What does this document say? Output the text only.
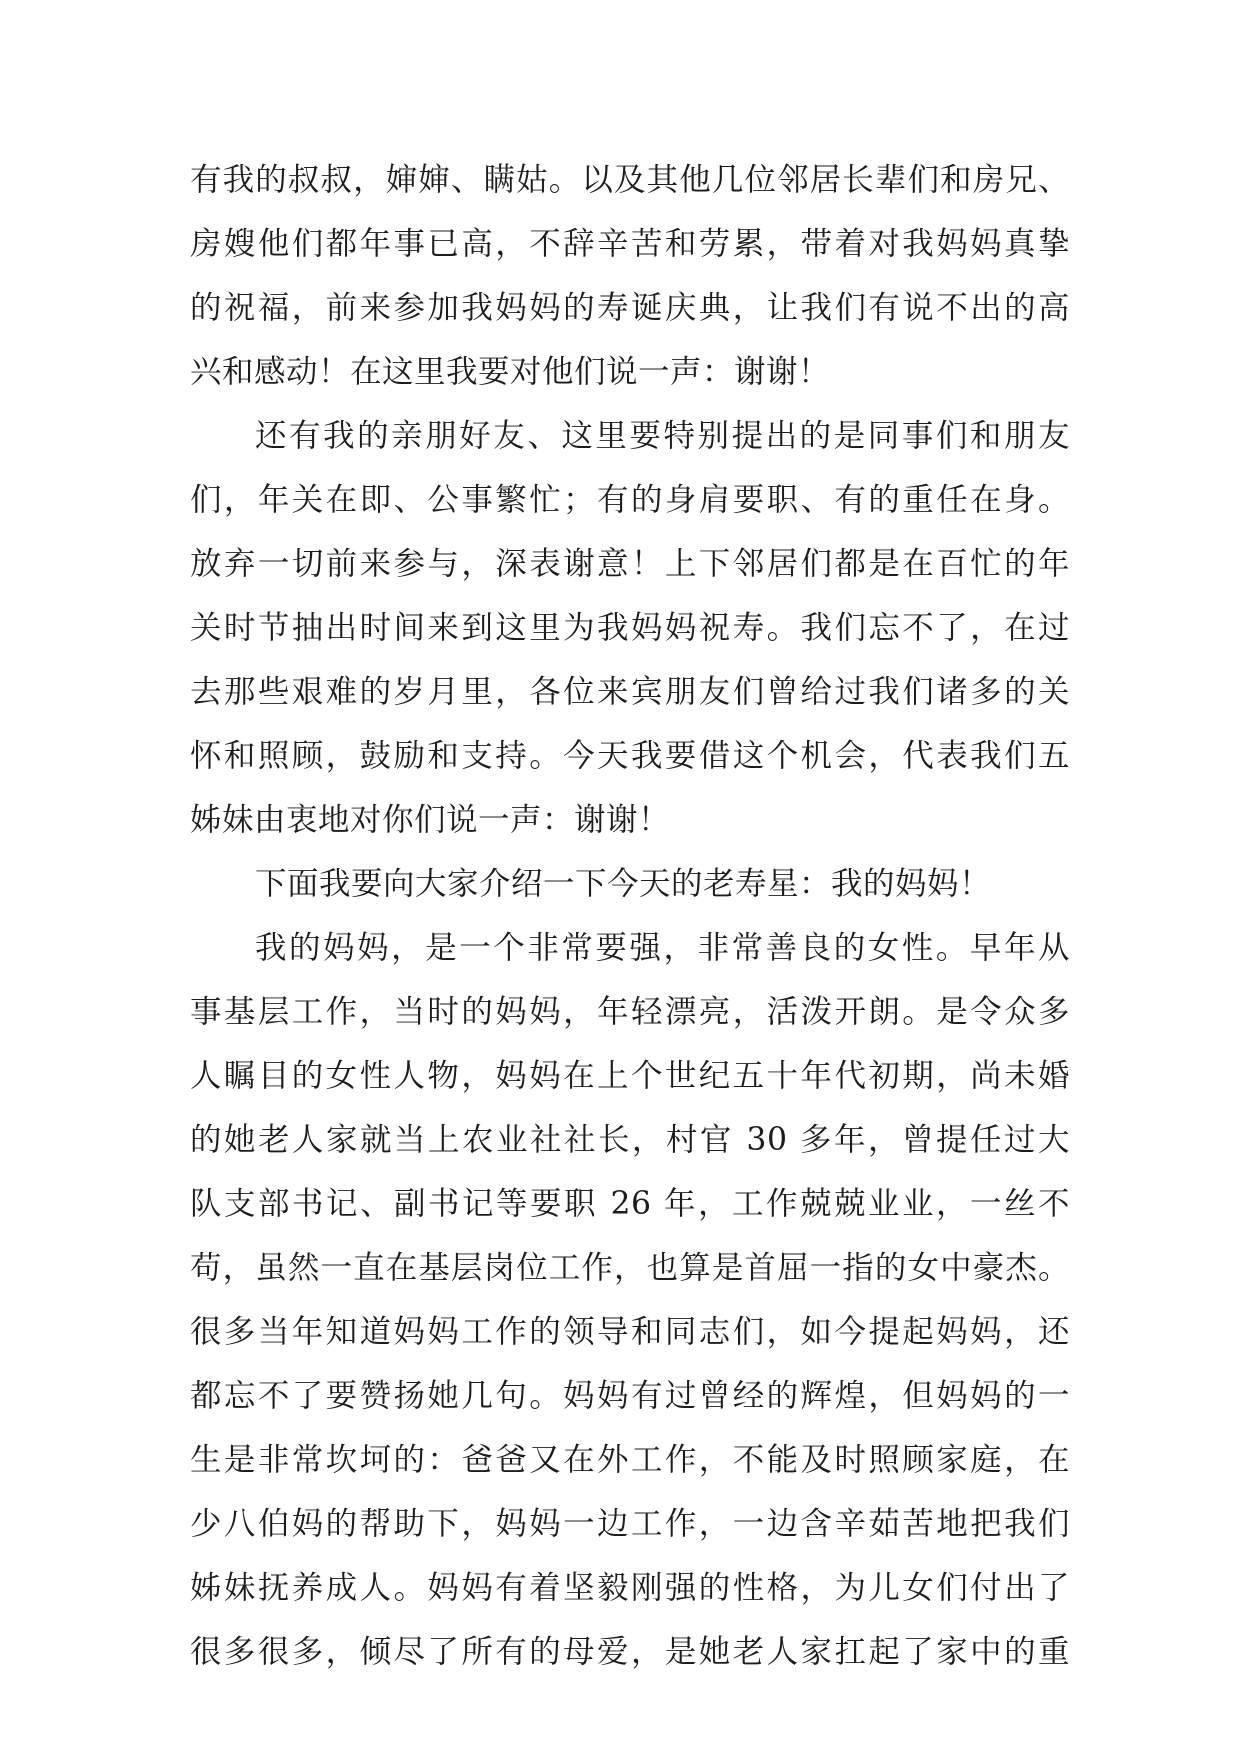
有我的叔叔，婶婶、瞒姑。以及其他几位邻居长辈们和房兄、
房嫂他们都年事已高，不辞辛苦和劳累，带着对我妈妈真挚
的祝福，前来参加我妈妈的寿诞庆典，让我们有说不出的高
兴和感动！在这里我要对他们说一声：谢谢！
还有我的亲朋好友、这里要特别提出的是同事们和朋友
们，年关在即、公事繁忙；有的身肩要职、有的重任在身。
放弃一切前来参与，深表谢意！上下邻居们都是在百忙的年
关时节抽出时间来到这里为我妈妈祝寿。我们忘不了，在过
去那些艰难的岁月里，各位来宾朋友们曾给过我们诸多的关
怀和照顾，鼓励和支持。今天我要借这个机会，代表我们五
姊妹由衷地对你们说一声：谢谢！
下面我要向大家介绍一下今天的老寿星：我的妈妈！
我的妈妈，是一个非常要强，非常善良的女性。早年从
事基层工作，当时的妈妈，年轻漂亮，活泼开朗。是令众多
人瞩目的女性人物，妈妈在上个世纪五十年代初期，尚未婚
的她老人家就当上农业社社长，村官 30 多年，曾提任过大
队支部书记、副书记等要职 26 年，工作兢兢业业，一丝不
苟，虽然一直在基层岗位工作，也算是首屈一指的女中豪杰。
很多当年知道妈妈工作的领导和同志们，如今提起妈妈，还
都忘不了要赞扬她几句。妈妈有过曾经的辉煌，但妈妈的一
生是非常坎坷的：爸爸又在外工作，不能及时照顾家庭，在
少八伯妈的帮助下，妈妈一边工作，一边含辛茹苦地把我们
姊妹抚养成人。妈妈有着坚毅刚强的性格，为儿女们付出了
很多很多，倾尽了所有的母爱，是她老人家扛起了家中的重
